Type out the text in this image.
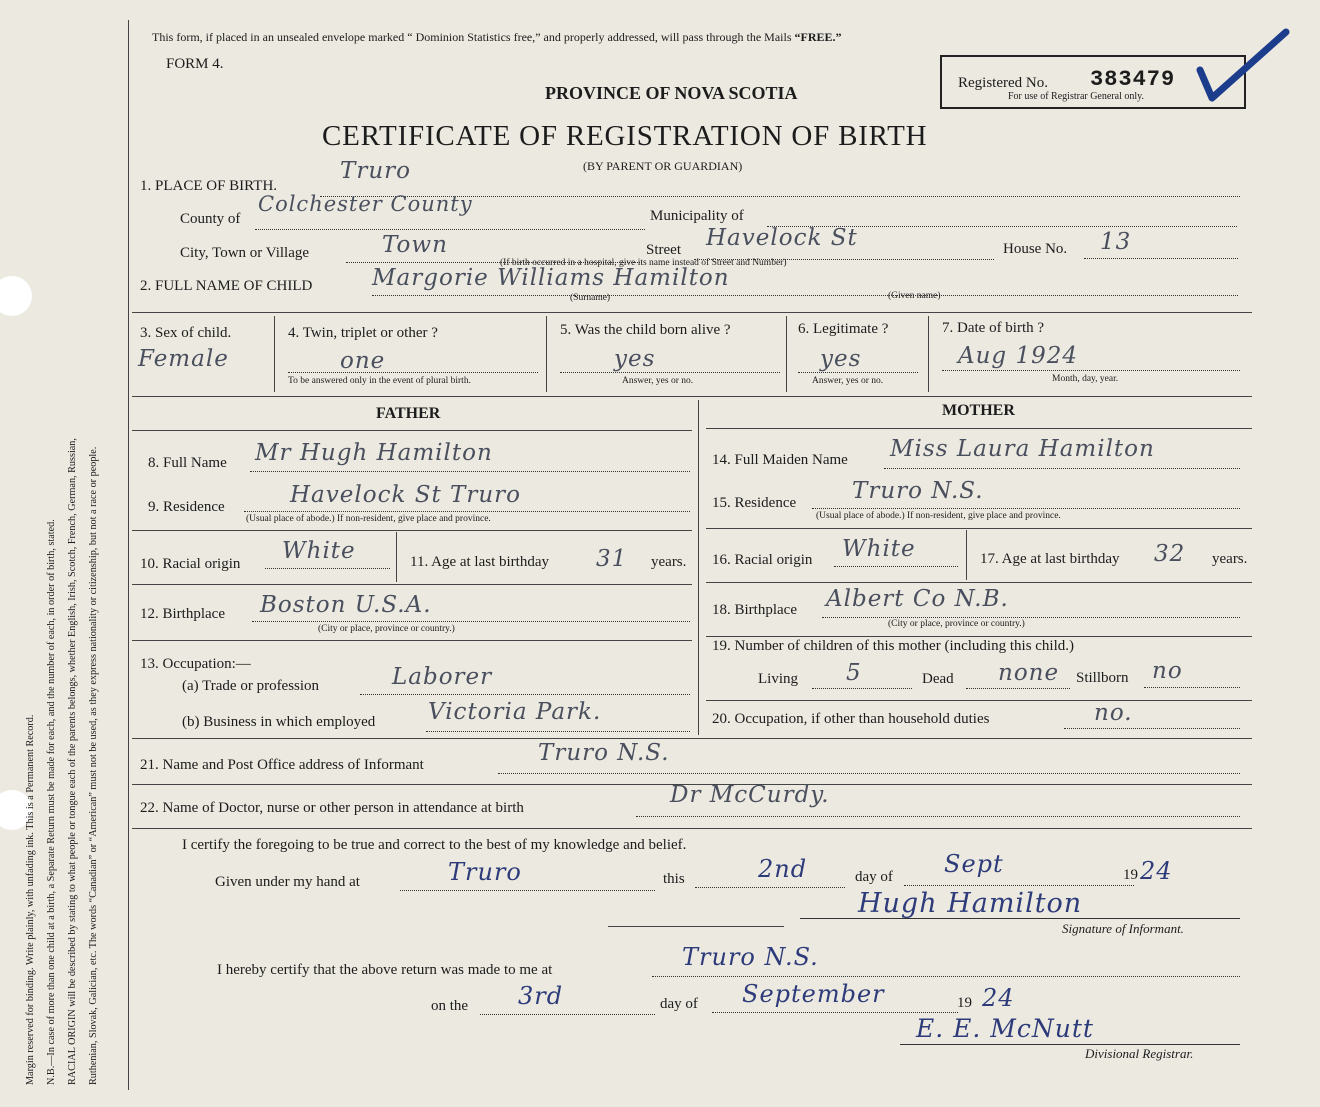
Margin reserved for binding. Write plainly, with unfading ink. This is a Permanent Record. N.B.—In case of more than one child at a birth, a Separate Return must be made for each, and the number of each, in order of birth, stated. RACIAL ORIGIN will be described by stating to what people or tongue each of the parents belongs, whether English, Irish, Scotch, French, German, Russian, Ruthenian, Slovak, Galician, etc. The words “Canadian” or “American” must not be used, as they express nationality or citizenship, but not a race or people.
This form, if placed in an unsealed envelope marked “ Dominion Statistics free,” and properly addressed, will pass through the Mails “FREE.”
FORM 4.
PROVINCE OF NOVA SCOTIA
CERTIFICATE OF REGISTRATION OF BIRTH
(BY PARENT OR GUARDIAN)
Registered No. 383479
For use of Registrar General only.
1. PLACE OF BIRTH.
Truro
County of
Colchester County	Municipality of
City, Town or Village	Town	Street Havelock St	House No. 13
(If birth occurred in a hospital, give its name instead of Street and Number)
2. FULL NAME OF CHILD	Margorie Williams Hamilton
(Surname)	(Given name)
3. Sex of child.
Female
4. Twin, triplet or other ?
one
To be answered only in the event of plural birth.
5. Was the child born alive ?
yes
Answer, yes or no.
6. Legitimate ?
yes
Answer, yes or no.
7. Date of birth ?
Aug 1924
Month, day, year.
FATHER	MOTHER
8. Full Name Mr Hugh Hamilton
9. Residence	Havelock St Truro
(Usual place of abode.) If non-resident, give place and province.
10. Racial origin White	11. Age at last birthday 31 years.
12. Birthplace Boston U.S.A.
(City or place, province or country.)
13. Occupation:—
(a) Trade or profession	Laborer
(b) Business in which employed Victoria Park.
14. Full Maiden Name Miss Laura Hamilton
15. Residence Truro N.S.
(Usual place of abode.) If non-resident, give place and province.
16. Racial origin White	17. Age at last birthday 32 years.
18. Birthplace Albert Co N.B.
(City or place, province or country.)
19. Number of children of this mother (including this child.)
Living 5	Dead none Stillborn no
20. Occupation, if other than household duties	no.
21. Name and Post Office address of Informant	Truro N.S.
22. Name of Doctor, nurse or other person in attendance at birth	Dr McCurdy.
I certify the foregoing to be true and correct to the best of my knowledge and belief.
Given under my hand at	Truro	this	2nd	day of Sept	19 24
Hugh Hamilton
Signature of Informant.
I hereby certify that the above return was made to me at	Truro N.S.
on the 3rd	day of September	19 24
E. E. McNutt
Divisional Registrar.
